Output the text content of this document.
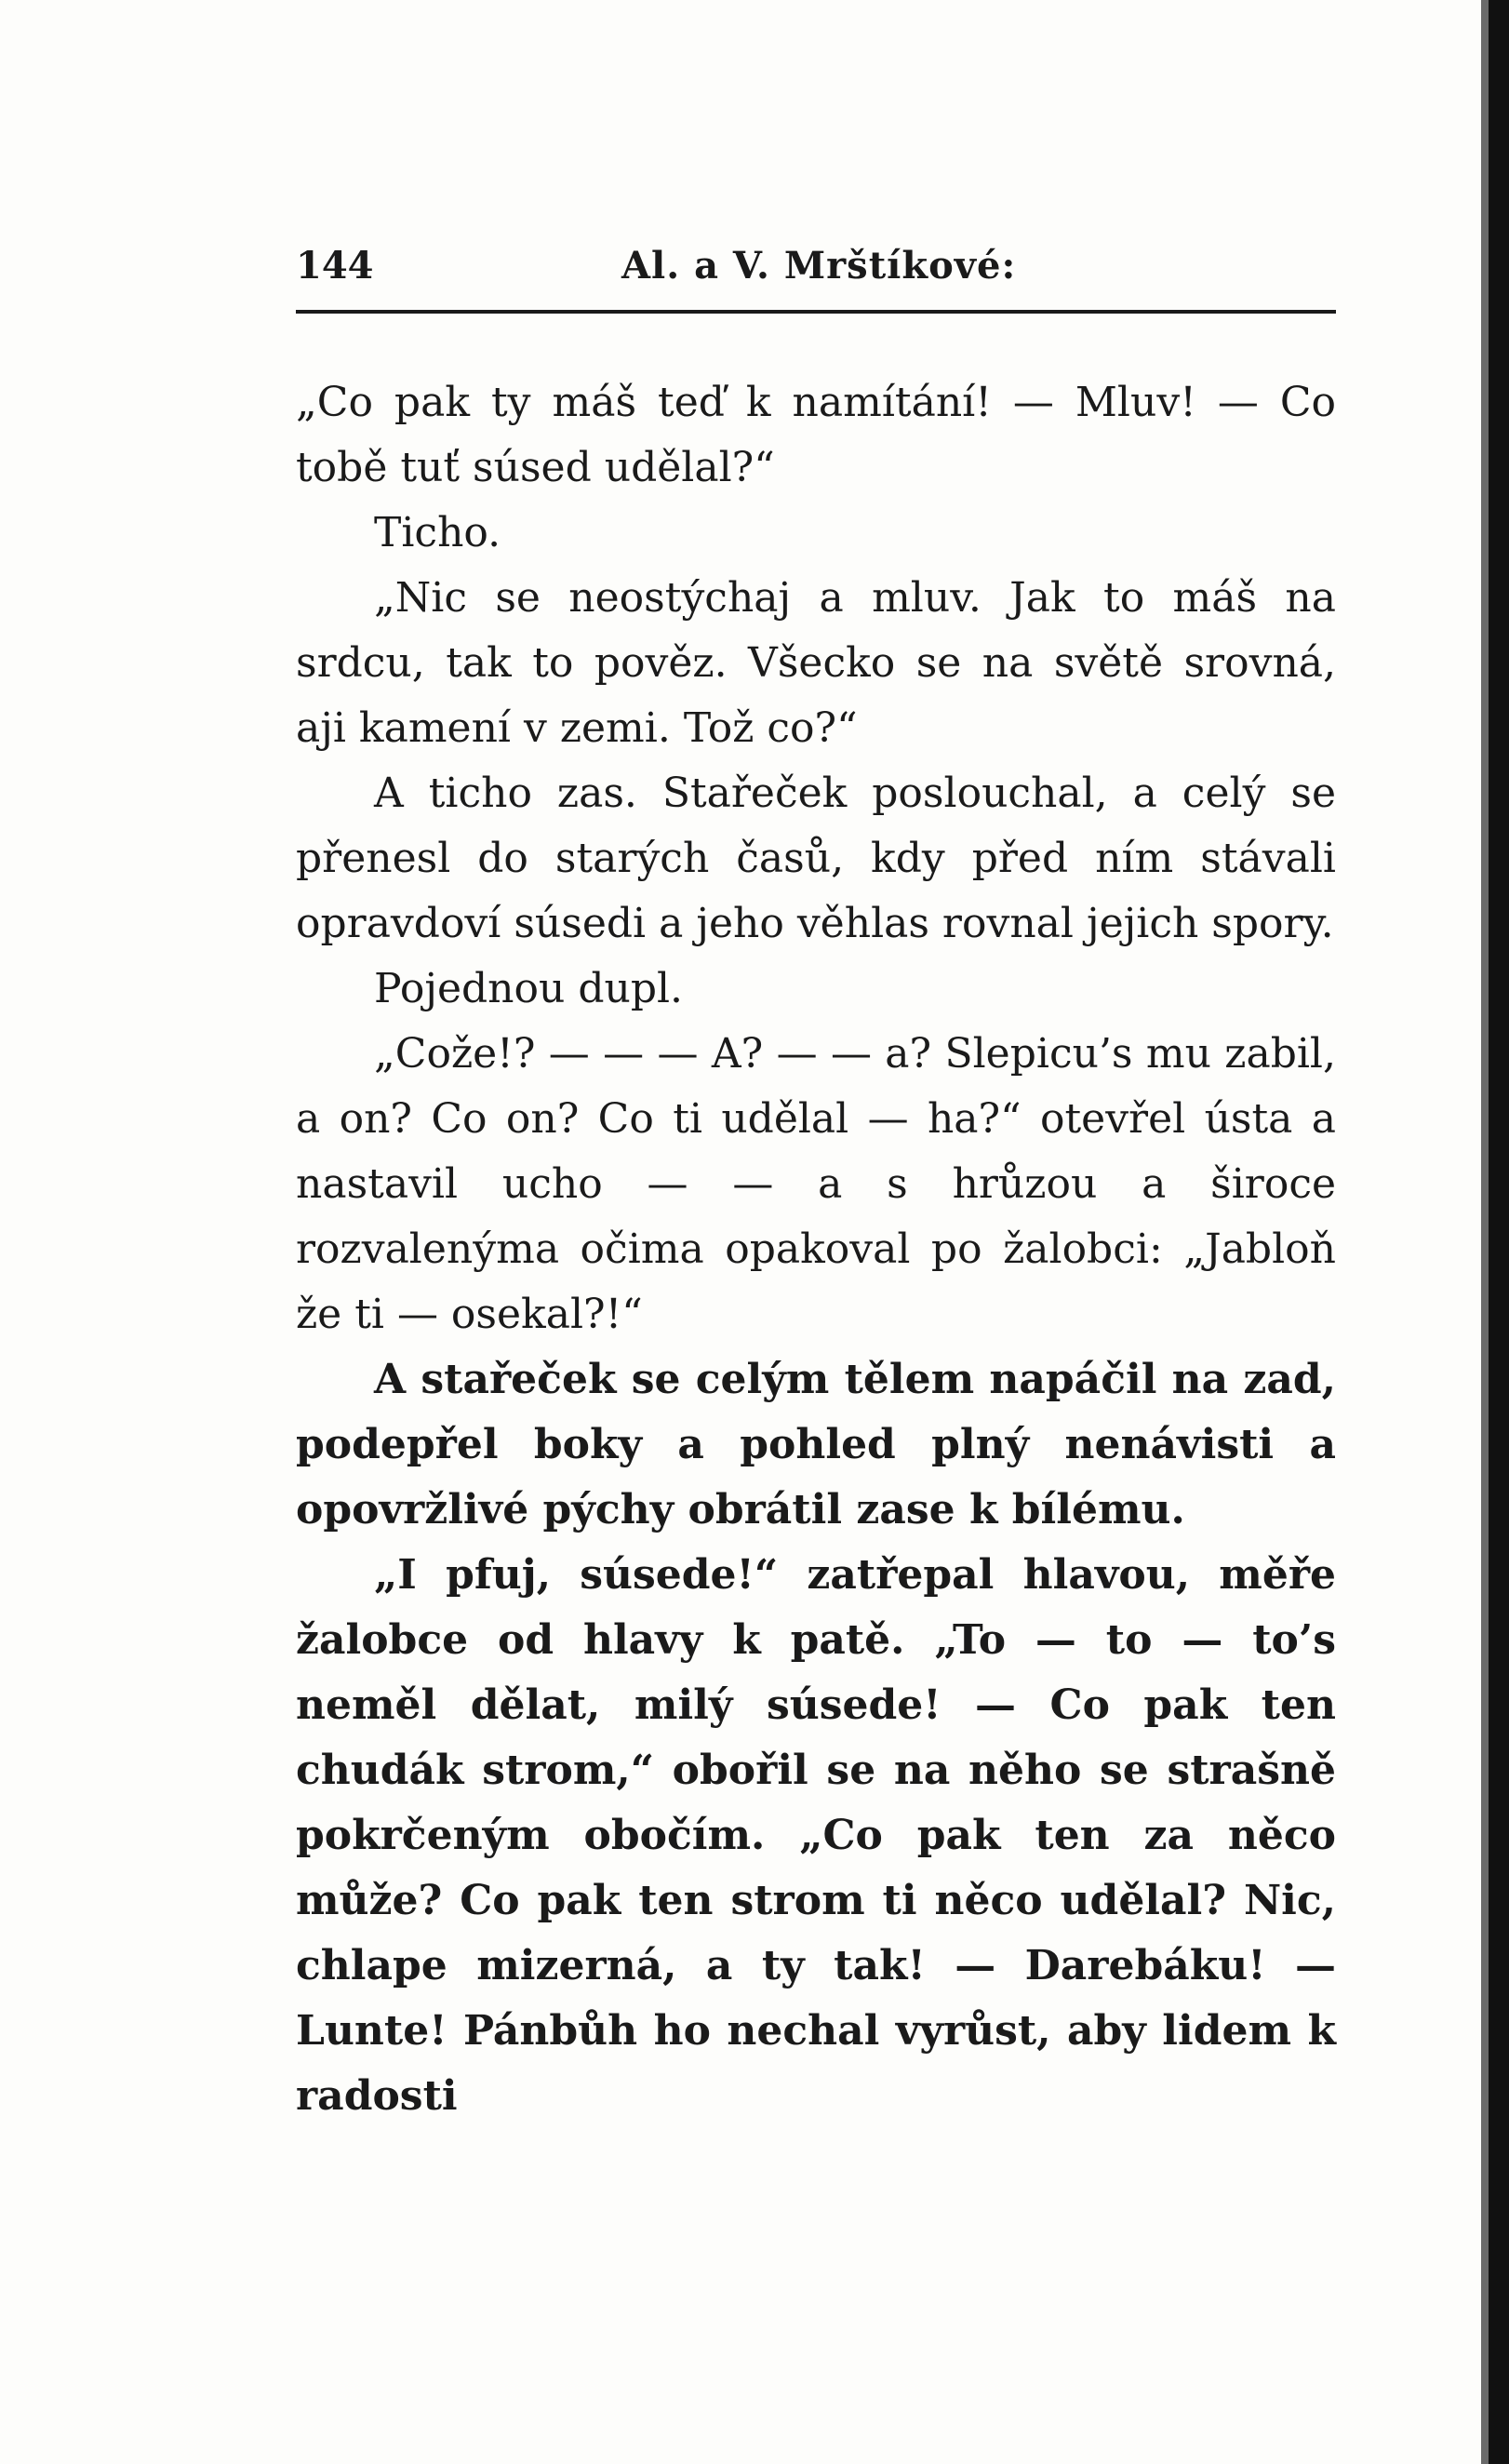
144	Al. a V. Mrštíkové:

„Co pak ty máš teď k namítání! — Mluv! — Co tobě tuť súsed udělal?“

Ticho.

„Nic se neostýchaj a mluv. Jak to máš na srdcu, tak to pověz. Všecko se na světě srovná, aji kamení v zemi. Tož co?“

A ticho zas. Stařeček poslouchal, a celý se přenesl do starých časů, kdy před ním stávali opravdoví súsedi a jeho věhlas rovnal jejich spory.

Pojednou dupl.

„Cože!? — — — A? — — a? Slepicu’s mu zabil, a on? Co on? Co ti udělal — ha?“ otevřel ústa a nastavil ucho — — a s hrůzou a široce rozvalenýma očima opakoval po žalobci: „Jabloň že ti — osekal?!“

A stařeček se celým tělem napáčil na zad, podepřel boky a pohled plný nenávisti a opovržlivé pýchy obrátil zase k bílému.

„I pfuj, súsede!“ zatřepal hlavou, měře žalobce od hlavy k patě. „To — to — to’s neměl dělat, milý súsede! — Co pak ten chudák strom,“ obořil se na něho se strašně pokrčeným obočím. „Co pak ten za něco může? Co pak ten strom ti něco udělal? Nic, chlape mizerná, a ty tak! — Darebáku! — Lunte! Pánbůh ho nechal vyrůst, aby lidem k radosti
